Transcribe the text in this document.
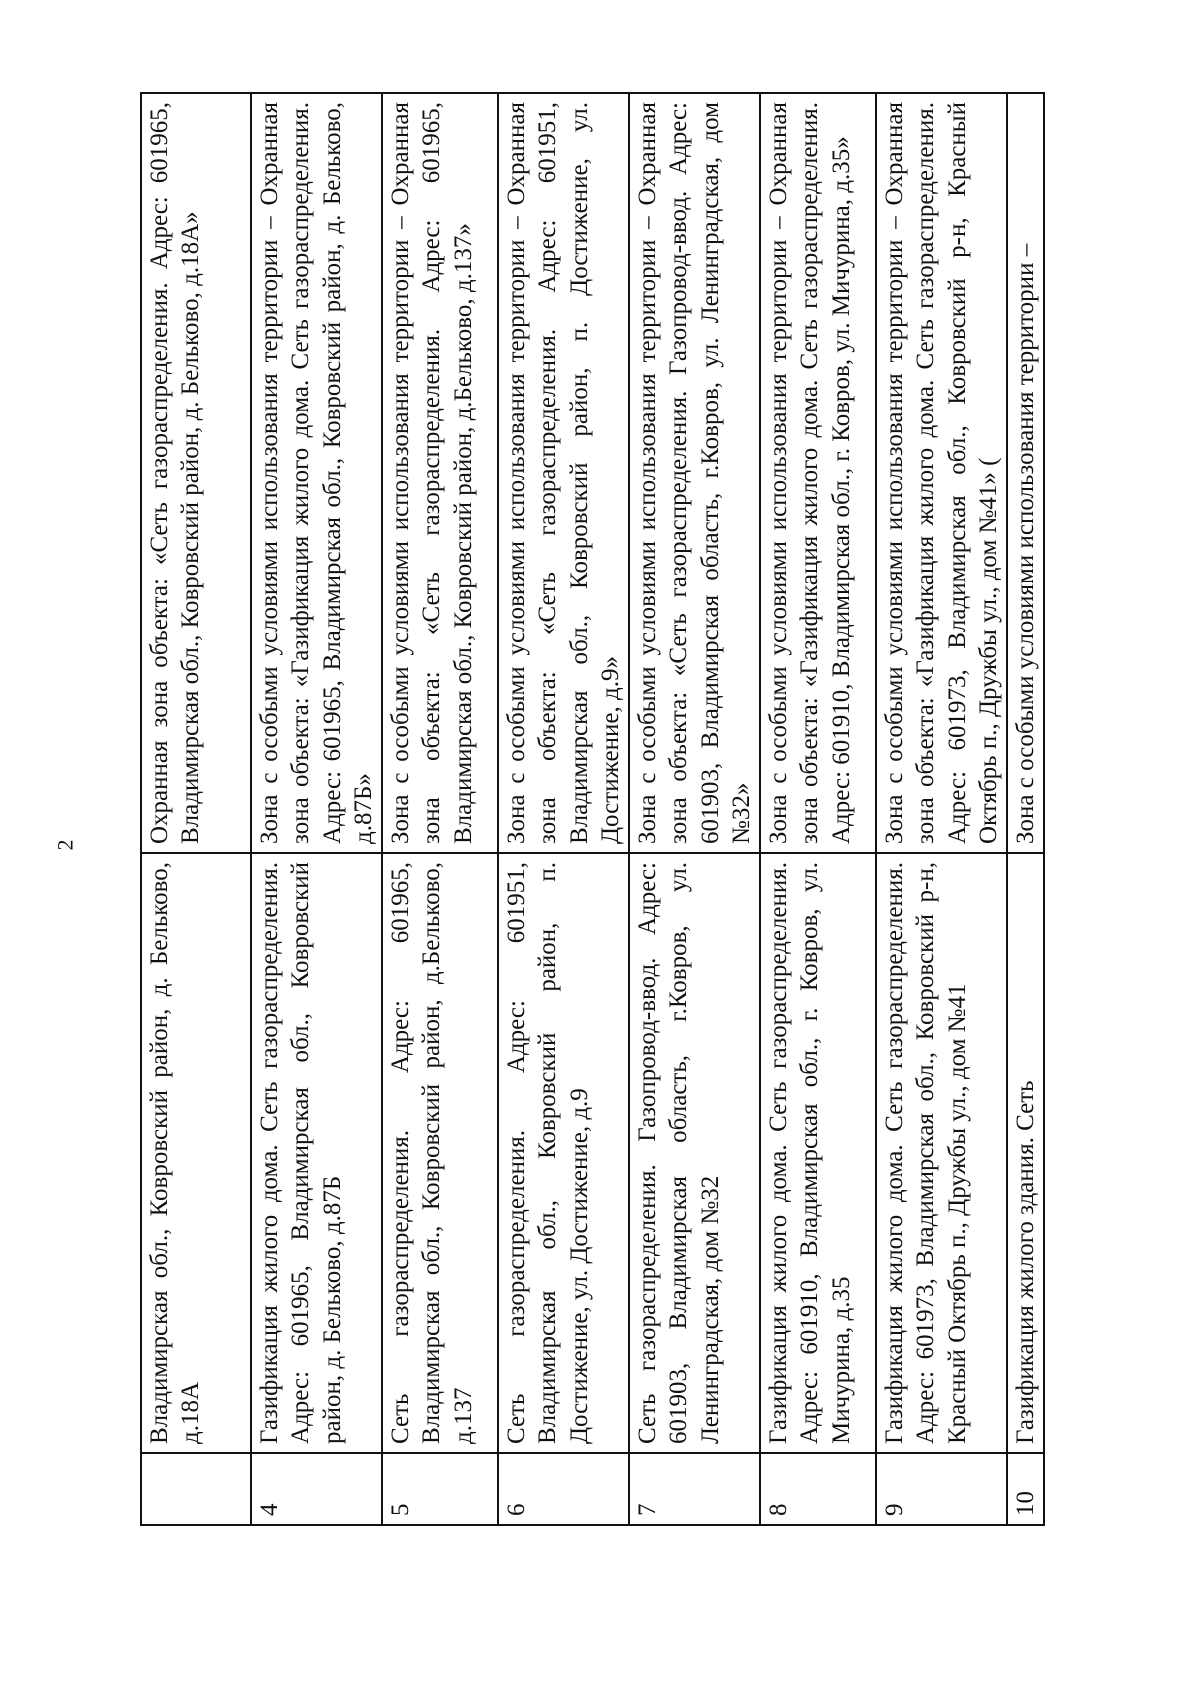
2
	Владимирская обл., Ковровский район, д. Бельково, д.18А	Охранная зона объекта: «Сеть газораспределения. Адрес: 601965, Владимирская обл., Ковровский район, д. Бельково, д.18А»
4	Газификация жилого дома. Сеть газораспределения. Адрес: 601965, Владимирская обл., Ковровский район, д. Бельково, д.87Б	Зона с особыми условиями использования территории – Охранная зона объекта: «Газификация жилого дома. Сеть газораспределения. Адрес: 601965, Владимирская обл., Ковровский район, д. Бельково, д.87Б»
5	Сеть газораспределения. Адрес: 601965, Владимирская обл., Ковровский район, д.Бельково, д.137	Зона с особыми условиями использования территории – Охранная зона объекта: «Сеть газораспределения. Адрес: 601965, Владимирская обл., Ковровский район, д.Бельково, д.137»
6	Сеть газораспределения. Адрес: 601951, Владимирская обл., Ковровский район, п. Достижение, ул. Достижение, д.9	Зона с особыми условиями использования территории – Охранная зона объекта: «Сеть газораспределения. Адрес: 601951, Владимирская обл., Ковровский район, п. Достижение, ул. Достижение, д.9»
7	Сеть газораспределения. Газопровод-ввод. Адрес: 601903, Владимирская область, г.Ковров, ул. Ленинградская, дом №32	Зона с особыми условиями использования территории – Охранная зона объекта: «Сеть газораспределения. Газопровод-ввод. Адрес: 601903, Владимирская область, г.Ковров, ул. Ленинградская, дом №32»
8	Газификация жилого дома. Сеть газораспределения. Адрес: 601910, Владимирская обл., г. Ковров, ул. Мичурина, д.35	Зона с особыми условиями использования территории – Охранная зона объекта: «Газификация жилого дома. Сеть газораспределения. Адрес: 601910, Владимирская обл., г. Ковров, ул. Мичурина, д.35»
9	Газификация жилого дома. Сеть газораспределения. Адрес: 601973, Владимирская обл., Ковровский р-н, Красный Октябрь п., Дружбы ул., дом №41	Зона с особыми условиями использования территории – Охранная зона объекта: «Газификация жилого дома. Сеть газораспределения. Адрес: 601973, Владимирская обл., Ковровский р-н, Красный Октябрь п., Дружбы ул., дом №41» (
10	Газификация жилого здания. Сеть	Зона с особыми условиями использования территории –
